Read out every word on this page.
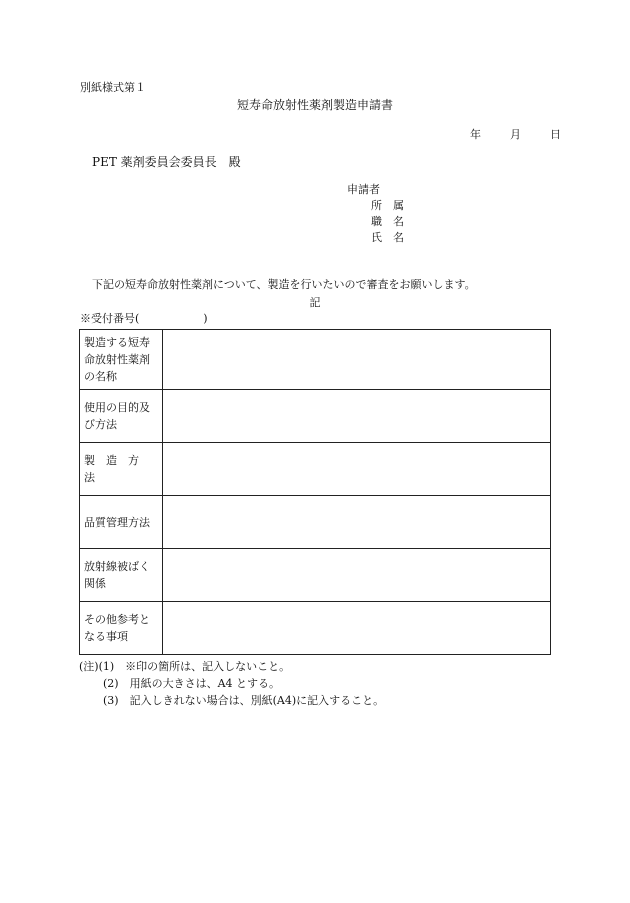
別紙様式第１
短寿命放射性薬剤製造申請書
年	月	日
PET 薬剤委員会委員長　殿
申請者
所　属
職　名
氏　名
下記の短寿命放射性薬剤について、製造を行いたいので審査をお願いします。
記
※受付番号(	)
製造する短寿命放射性薬剤の名称	
使用の目的及び方法	
製　造　方　法	
品質管理方法	
放射線被ばく関係	
その他参考となる事項	
(注)(1)　※印の箇所は、記入しないこと。
(2)　用紙の大きさは、A4 とする。
(3)　記入しきれない場合は、別紙(A4)に記入すること。
